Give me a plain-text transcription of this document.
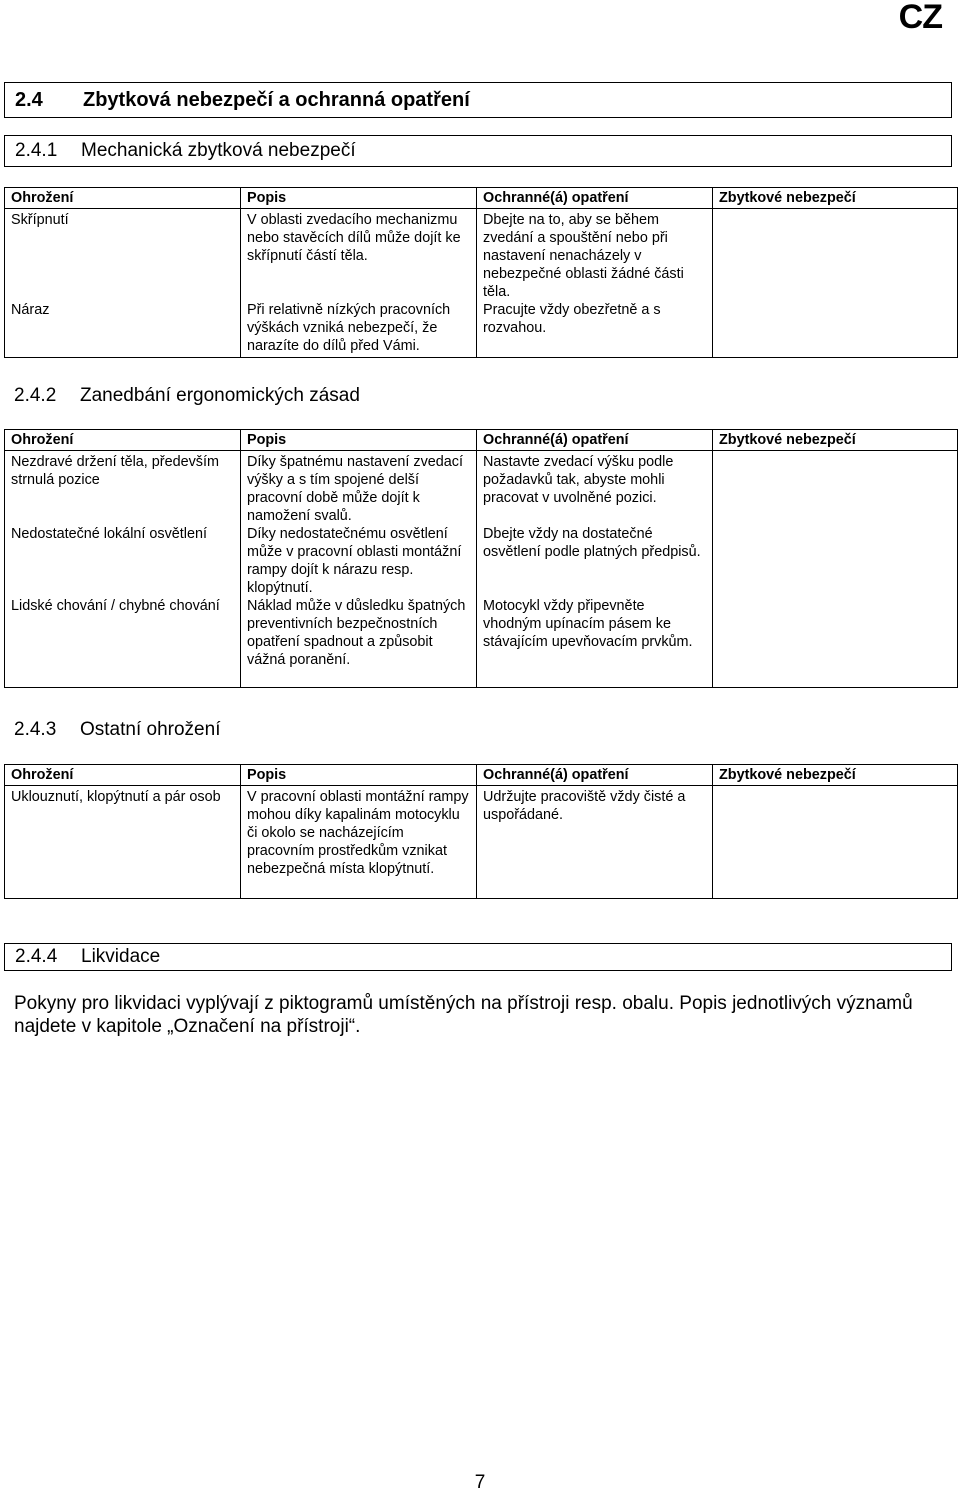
CZ
2.4	Zbytková nebezpečí a ochranná opatření
2.4.1	Mechanická zbytková nebezpečí
Ohrožení	Popis	Ochranné(á) opatření	Zbytkové nebezpečí
Skřípnutí	V oblasti zvedacího mechanizmu nebo stavěcích dílů může dojít ke skřípnutí částí těla.	Dbejte na to, aby se během zvedání a spouštění nebo při nastavení nenacházely v nebezpečné oblasti žádné části těla.	
Náraz	Při relativně nízkých pracovních výškách vzniká nebezpečí, že narazíte do dílů před Vámi.	Pracujte vždy obezřetně a s rozvahou.	
2.4.2	Zanedbání ergonomických zásad
Ohrožení	Popis	Ochranné(á) opatření	Zbytkové nebezpečí
Nezdravé držení těla, především strnulá pozice	Díky špatnému nastavení zvedací výšky a s tím spojené delší pracovní době může dojít k namožení svalů.	Nastavte zvedací výšku podle požadavků tak, abyste mohli pracovat v uvolněné pozici.	
Nedostatečné lokální osvětlení	Díky nedostatečnému osvětlení může v pracovní oblasti montážní rampy dojít k nárazu resp. klopýtnutí.	Dbejte vždy na dostatečné osvětlení podle platných předpisů.	
Lidské chování / chybné chování	Náklad může v důsledku špatných preventivních bezpečnostních opatření spadnout a způsobit vážná poranění.	Motocykl vždy připevněte vhodným upínacím pásem ke stávajícím upevňovacím prvkům.	
2.4.3	Ostatní ohrožení
Ohrožení	Popis	Ochranné(á) opatření	Zbytkové nebezpečí
Uklouznutí, klopýtnutí a pár osob	V pracovní oblasti montážní rampy mohou díky kapalinám motocyklu či okolo se nacházejícím pracovním prostředkům vznikat nebezpečná místa klopýtnutí.	Udržujte pracoviště vždy čisté a uspořádané.	
2.4.4	Likvidace
Pokyny pro likvidaci vyplývají z piktogramů umístěných na přístroji resp. obalu. Popis jednotlivých významů najdete v kapitole „Označení na přístroji“.
7
